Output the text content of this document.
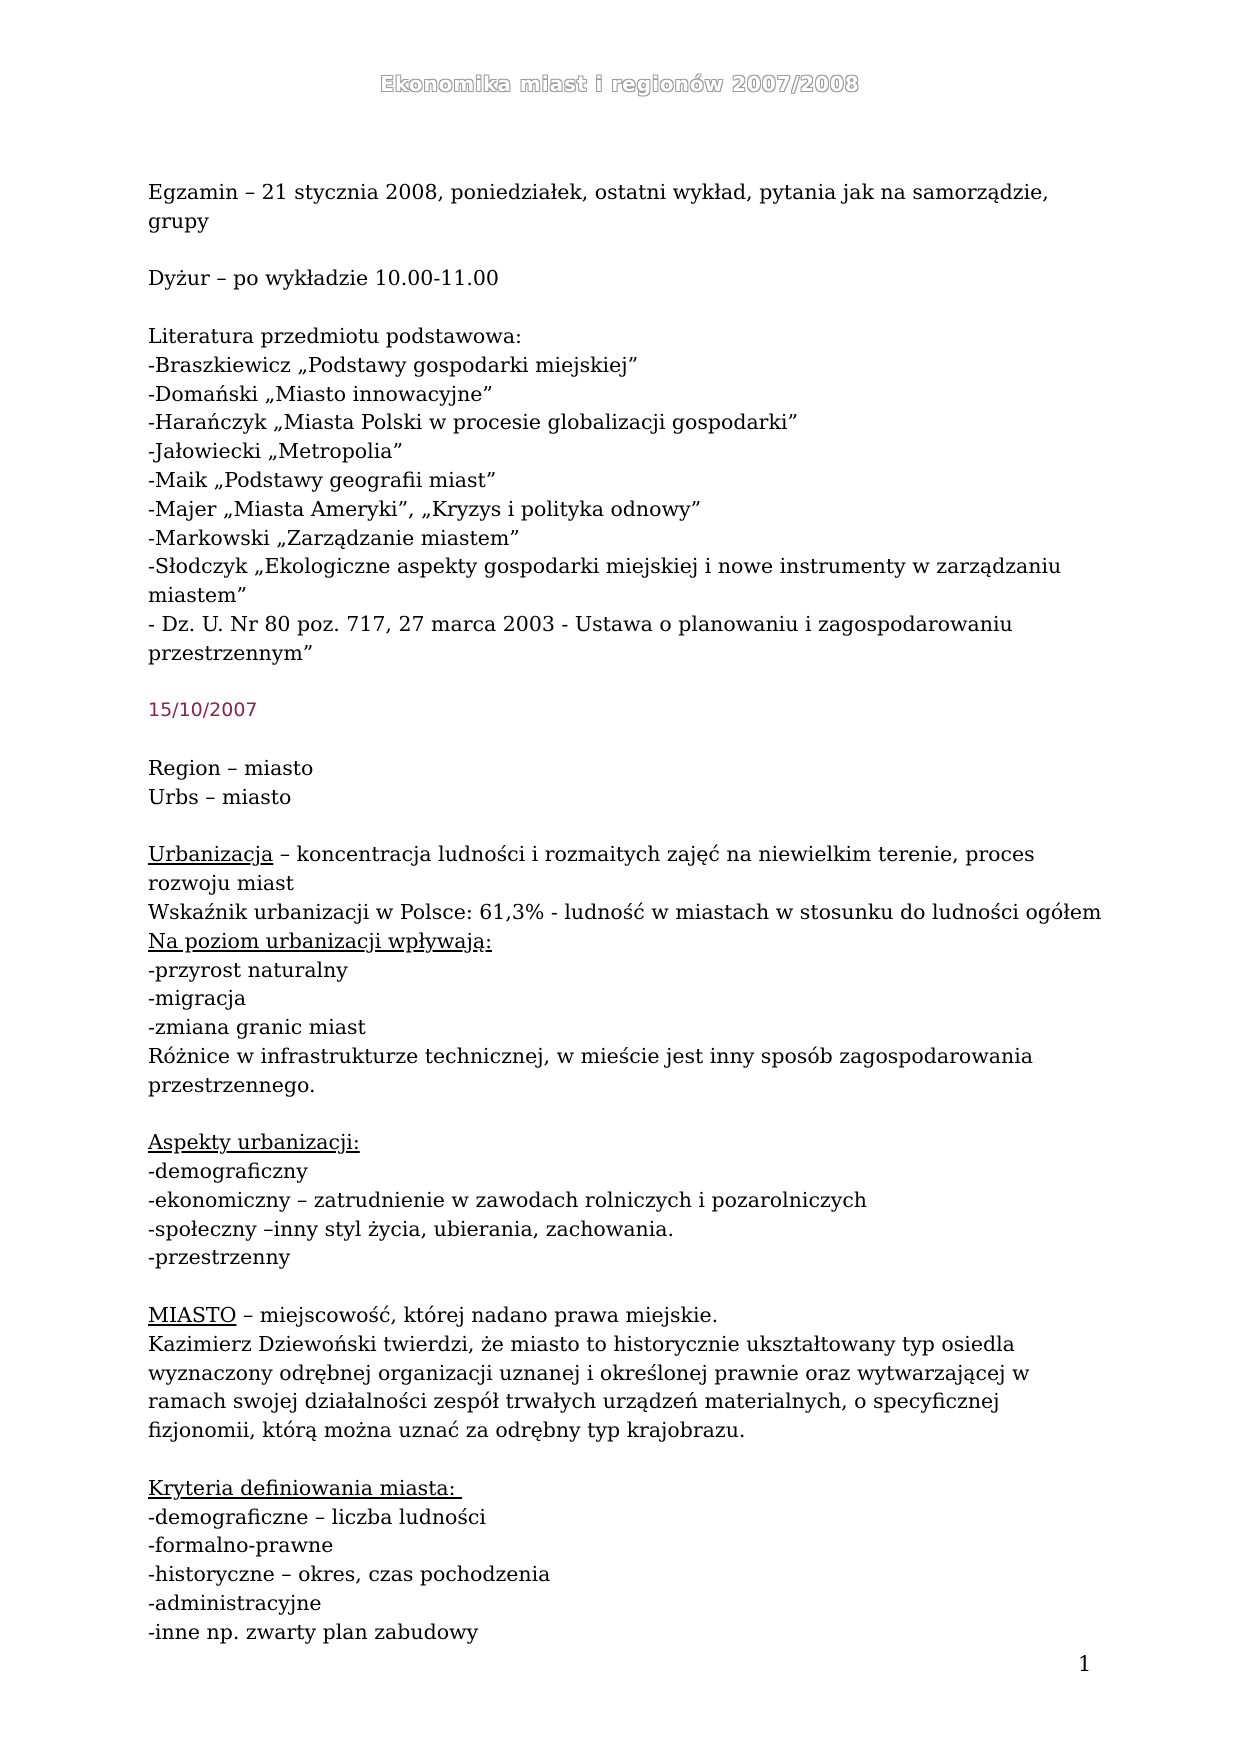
Ekonomika miast i regionów 2007/2008

Egzamin – 21 stycznia 2008, poniedziałek, ostatni wykład, pytania jak na samorządzie, grupy

Dyżur – po wykładzie 10.00-11.00

Literatura przedmiotu podstawowa:

-Braszkiewicz „Podstawy gospodarki miejskiej”

-Domański „Miasto innowacyjne”

-Harańczyk „Miasta Polski w procesie globalizacji gospodarki”

-Jałowiecki „Metropolia”

-Maik „Podstawy geografii miast”

-Majer „Miasta Ameryki”, „Kryzys i polityka odnowy”

-Markowski „Zarządzanie miastem”

-Słodczyk „Ekologiczne aspekty gospodarki miejskiej i nowe instrumenty w zarządzaniu miastem”

- Dz. U. Nr 80 poz. 717, 27 marca 2003 - Ustawa o planowaniu i zagospodarowaniu przestrzennym”

15/10/2007

Region – miasto

Urbs – miasto

Urbanizacja – koncentracja ludności i rozmaitych zajęć na niewielkim terenie, proces rozwoju miast

Wskaźnik urbanizacji w Polsce: 61,3% - ludność w miastach w stosunku do ludności ogółem

Na poziom urbanizacji wpływają:

-przyrost naturalny

-migracja

-zmiana granic miast

Różnice w infrastrukturze technicznej, w mieście jest inny sposób zagospodarowania przestrzennego.

Aspekty urbanizacji:

-demograficzny

-ekonomiczny – zatrudnienie w zawodach rolniczych i pozarolniczych

-społeczny –inny styl życia, ubierania, zachowania.

-przestrzenny

MIASTO – miejscowość, której nadano prawa miejskie.

Kazimierz Dziewoński twierdzi, że miasto to historycznie ukształtowany typ osiedla wyznaczony odrębnej organizacji uznanej i określonej prawnie oraz wytwarzającej w ramach swojej działalności zespół trwałych urządzeń materialnych, o specyficznej fizjonomii, którą można uznać za odrębny typ krajobrazu.

Kryteria definiowania miasta:

-demograficzne – liczba ludności

-formalno-prawne

-historyczne – okres, czas pochodzenia

-administracyjne

-inne np. zwarty plan zabudowy

1
